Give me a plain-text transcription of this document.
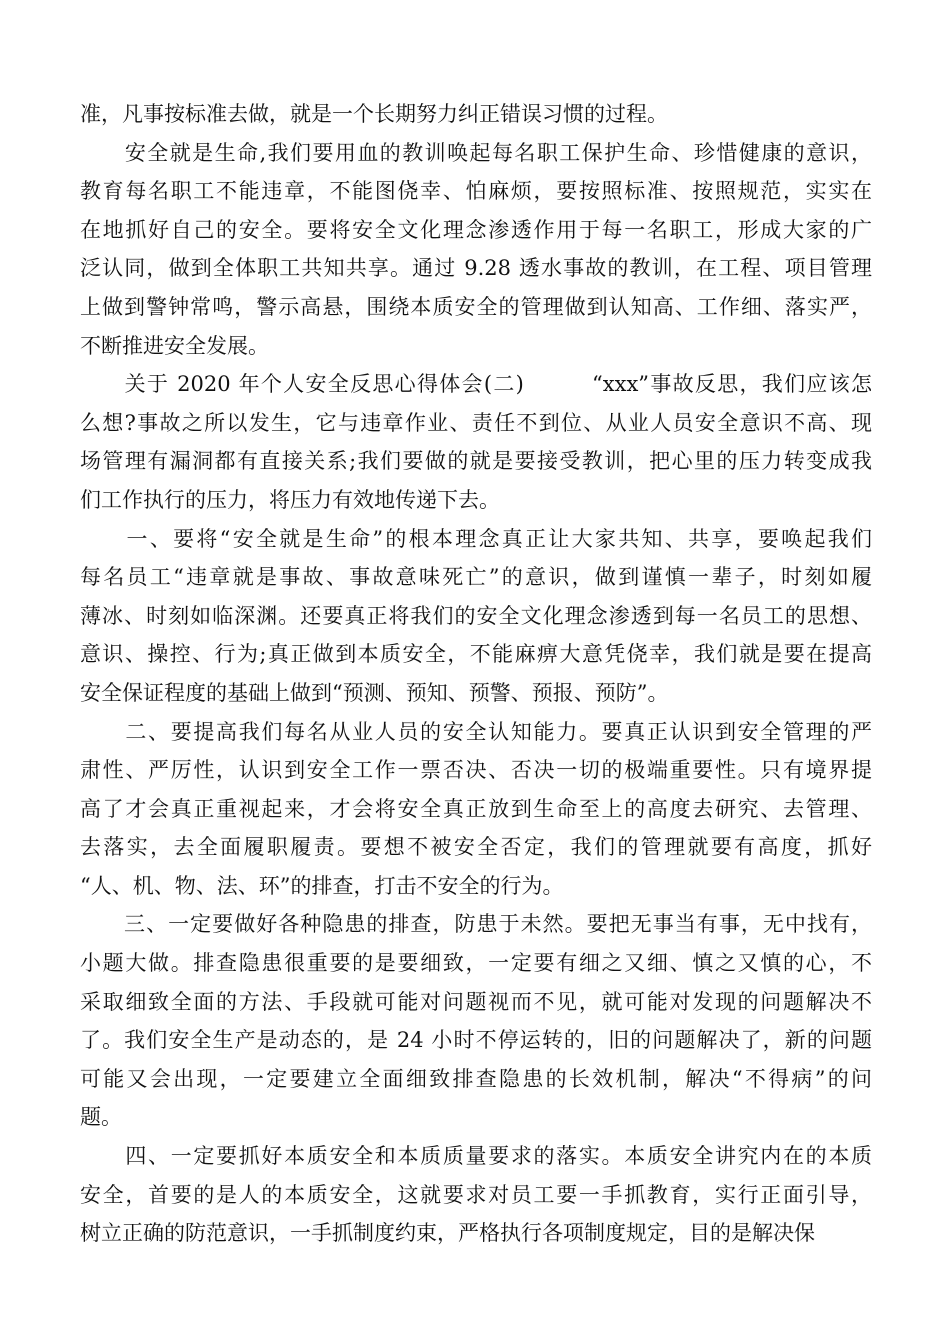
准，凡事按标准去做，就是一个长期努力纠正错误习惯的过程。

　　安全就是生命,我们要用血的教训唤起每名职工保护生命、珍惜健康的意识，
教育每名职工不能违章，不能图侥幸、怕麻烦，要按照标准、按照规范，实实在
在地抓好自己的安全。要将安全文化理念渗透作用于每一名职工，形成大家的广
泛认同，做到全体职工共知共享。通过 9.28 透水事故的教训，在工程、项目管理
上做到警钟常鸣，警示高悬，围绕本质安全的管理做到认知高、工作细、落实严，
不断推进安全发展。

　　关于 2020 年个人安全反思心得体会(二)　　　“xxx”事故反思，我们应该怎
么想?事故之所以发生，它与违章作业、责任不到位、从业人员安全意识不高、现
场管理有漏洞都有直接关系;我们要做的就是要接受教训，把心里的压力转变成我
们工作执行的压力，将压力有效地传递下去。

　　一、要将“安全就是生命”的根本理念真正让大家共知、共享，要唤起我们
每名员工“违章就是事故、事故意味死亡”的意识，做到谨慎一辈子，时刻如履
薄冰、时刻如临深渊。还要真正将我们的安全文化理念渗透到每一名员工的思想、
意识、操控、行为;真正做到本质安全，不能麻痹大意凭侥幸，我们就是要在提高
安全保证程度的基础上做到“预测、预知、预警、预报、预防”。

　　二、要提高我们每名从业人员的安全认知能力。要真正认识到安全管理的严
肃性、严厉性，认识到安全工作一票否决、否决一切的极端重要性。只有境界提
高了才会真正重视起来，才会将安全真正放到生命至上的高度去研究、去管理、
去落实，去全面履职履责。要想不被安全否定，我们的管理就要有高度，抓好
“人、机、物、法、环”的排查，打击不安全的行为。

　　三、一定要做好各种隐患的排查，防患于未然。要把无事当有事，无中找有，
小题大做。排查隐患很重要的是要细致，一定要有细之又细、慎之又慎的心，不
采取细致全面的方法、手段就可能对问题视而不见，就可能对发现的问题解决不
了。我们安全生产是动态的，是 24 小时不停运转的，旧的问题解决了，新的问题
可能又会出现，一定要建立全面细致排查隐患的长效机制，解决“不得病”的问
题。

　　四、一定要抓好本质安全和本质质量要求的落实。本质安全讲究内在的本质
安全，首要的是人的本质安全，这就要求对员工要一手抓教育，实行正面引导，
树立正确的防范意识，一手抓制度约束，严格执行各项制度规定，目的是解决保
